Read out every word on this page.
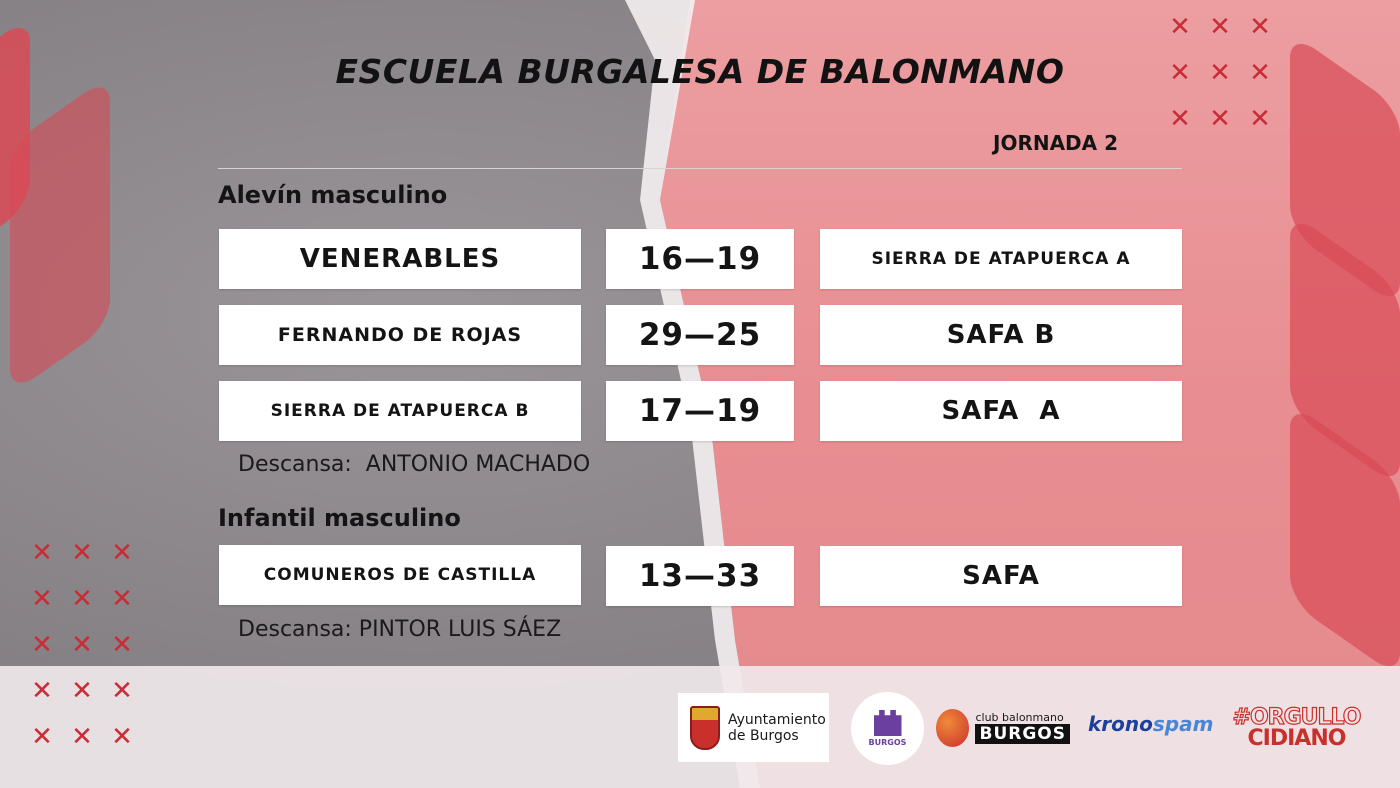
✕ ✕ ✕
✕ ✕ ✕
✕ ✕ ✕
✕ ✕ ✕
✕ ✕ ✕
✕ ✕ ✕
✕ ✕ ✕
✕ ✕ ✕
ESCUELA BURGALESA DE BALONMANO
JORNADA 2
Alevín masculino
VENERABLES	16—19	SIERRA DE ATAPUERCA A
FERNANDO DE ROJAS	29—25	SAFA B
SIERRA DE ATAPUERCA B	17—19	SAFA  A
Descansa:  ANTONIO MACHADO
Infantil masculino
COMUNEROS DE CASTILLA	13—33	SAFA
Descansa: PINTOR LUIS SÁEZ
Ayuntamiento
de Burgos	BURGOS
club balonmano
BURGOS kronospam #ORGULLO
CIDIANO
